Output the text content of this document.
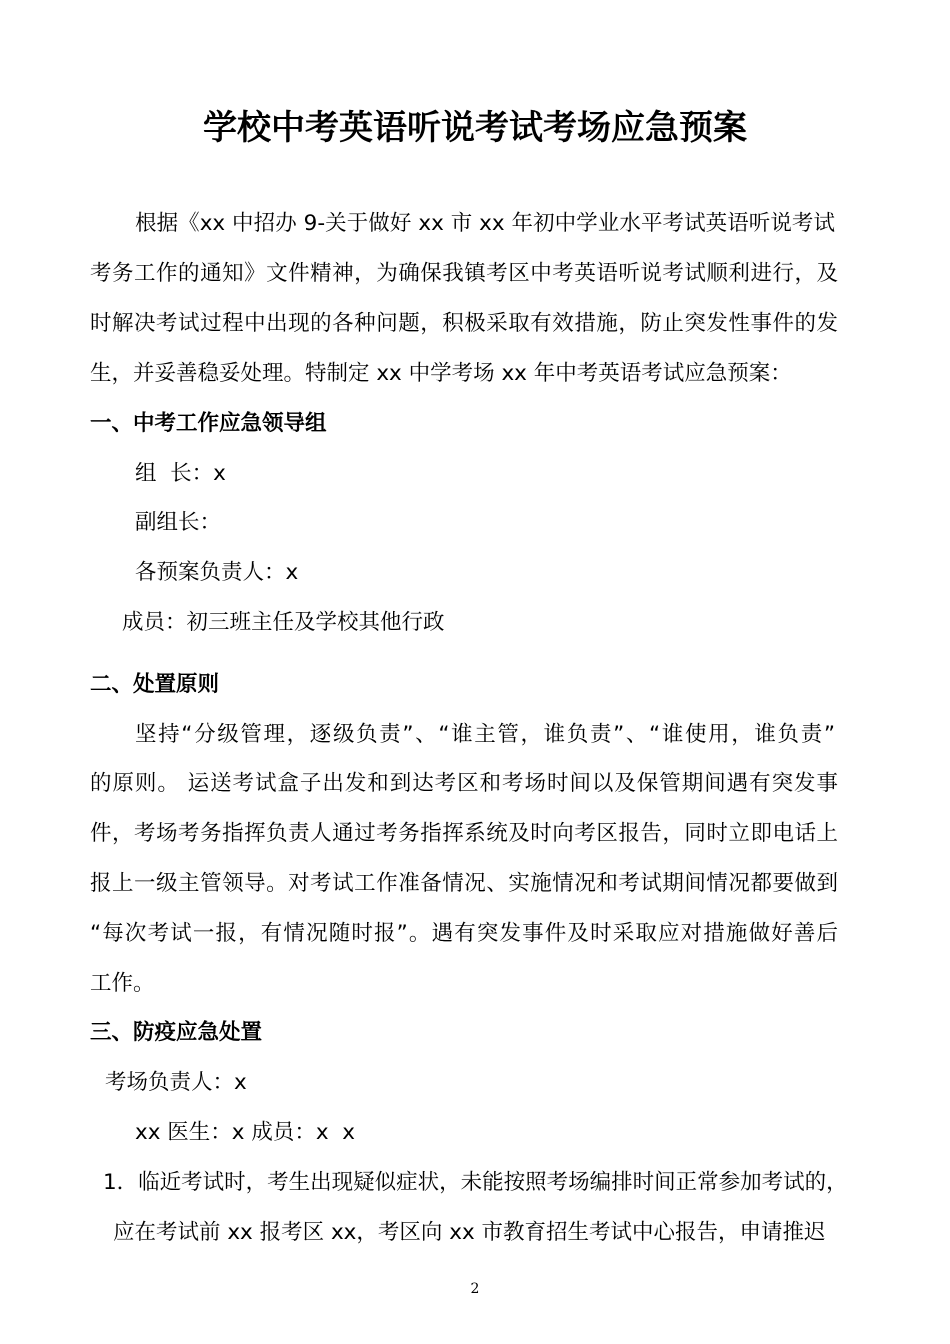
学校中考英语听说考试考场应急预案
根据《xx 中招办 9-关于做好 xx 市 xx 年初中学业水平考试英语听说考试
考务工作的通知》文件精神，为确保我镇考区中考英语听说考试顺利进行，及
时解决考试过程中出现的各种问题，积极采取有效措施，防止突发性事件的发
生，并妥善稳妥处理。特制定 xx 中学考场 xx 年中考英语考试应急预案：
一、中考工作应急领导组
组  长：x
副组长：
各预案负责人：x
成员：初三班主任及学校其他行政
二、处置原则
坚持“分级管理，逐级负责”、“谁主管，谁负责”、“谁使用，谁负责”
的原则。 运送考试盒子出发和到达考区和考场时间以及保管期间遇有突发事
件，考场考务指挥负责人通过考务指挥系统及时向考区报告，同时立即电话上
报上一级主管领导。对考试工作准备情况、实施情况和考试期间情况都要做到
“每次考试一报，有情况随时报”。遇有突发事件及时采取应对措施做好善后
工作。
三、防疫应急处置
考场负责人：x
xx 医生：x 成员：x  x
1．临近考试时，考生出现疑似症状，未能按照考场编排时间正常参加考试的，
应在考试前 xx 报考区 xx，考区向 xx 市教育招生考试中心报告，申请推迟
2
